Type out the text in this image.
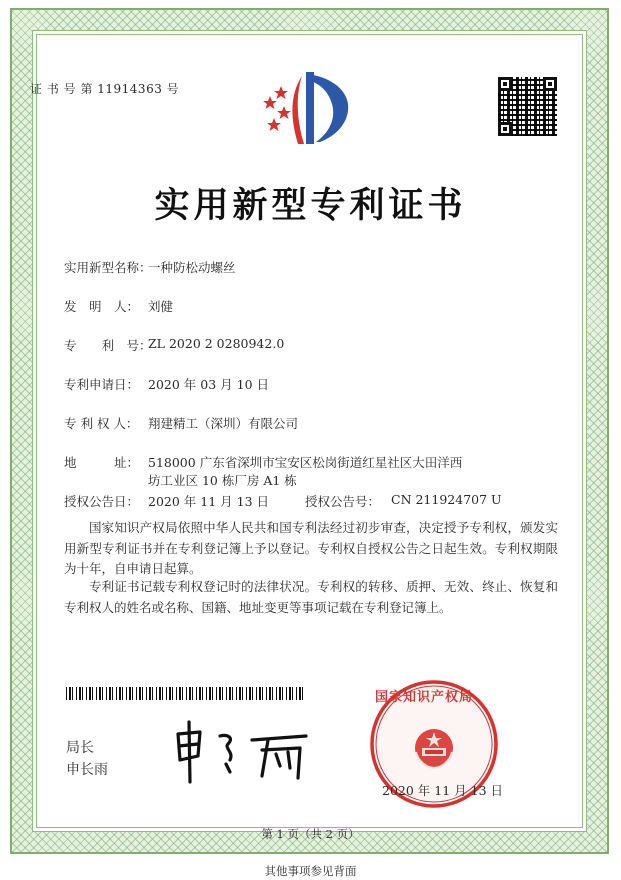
证 书 号 第 11914363 号
实用新型专利证书
实用新型名称：
一种防松动螺丝
发　明　人： 刘健
专　　利　号：
ZL 2020 2 0280942.0
专利申请日： 2020 年 03 月 10 日
专 利 权 人： 翔建精工（深圳）有限公司
地　　　址： 518000 广东省深圳市宝安区松岗街道红星社区大田洋西
坊工业区 10 栋厂房 A1 栋
授权公告日： 2020 年 11 月 13 日	授权公告号： CN 211924707 U
国家知识产权局依照中华人民共和国专利法经过初步审查，决定授予专利权，颁发实用新型专利证书并在专利登记簿上予以登记。专利权自授权公告之日起生效。专利权期限为十年，自申请日起算。
专利证书记载专利权登记时的法律状况。专利权的转移、质押、无效、终止、恢复和专利权人的姓名或名称、国籍、地址变更等事项记载在专利登记簿上。
局长
申长雨
国家知识产权局
2020 年 11 月 13 日
第 1 页（共 2 页）
其他事项参见背面
